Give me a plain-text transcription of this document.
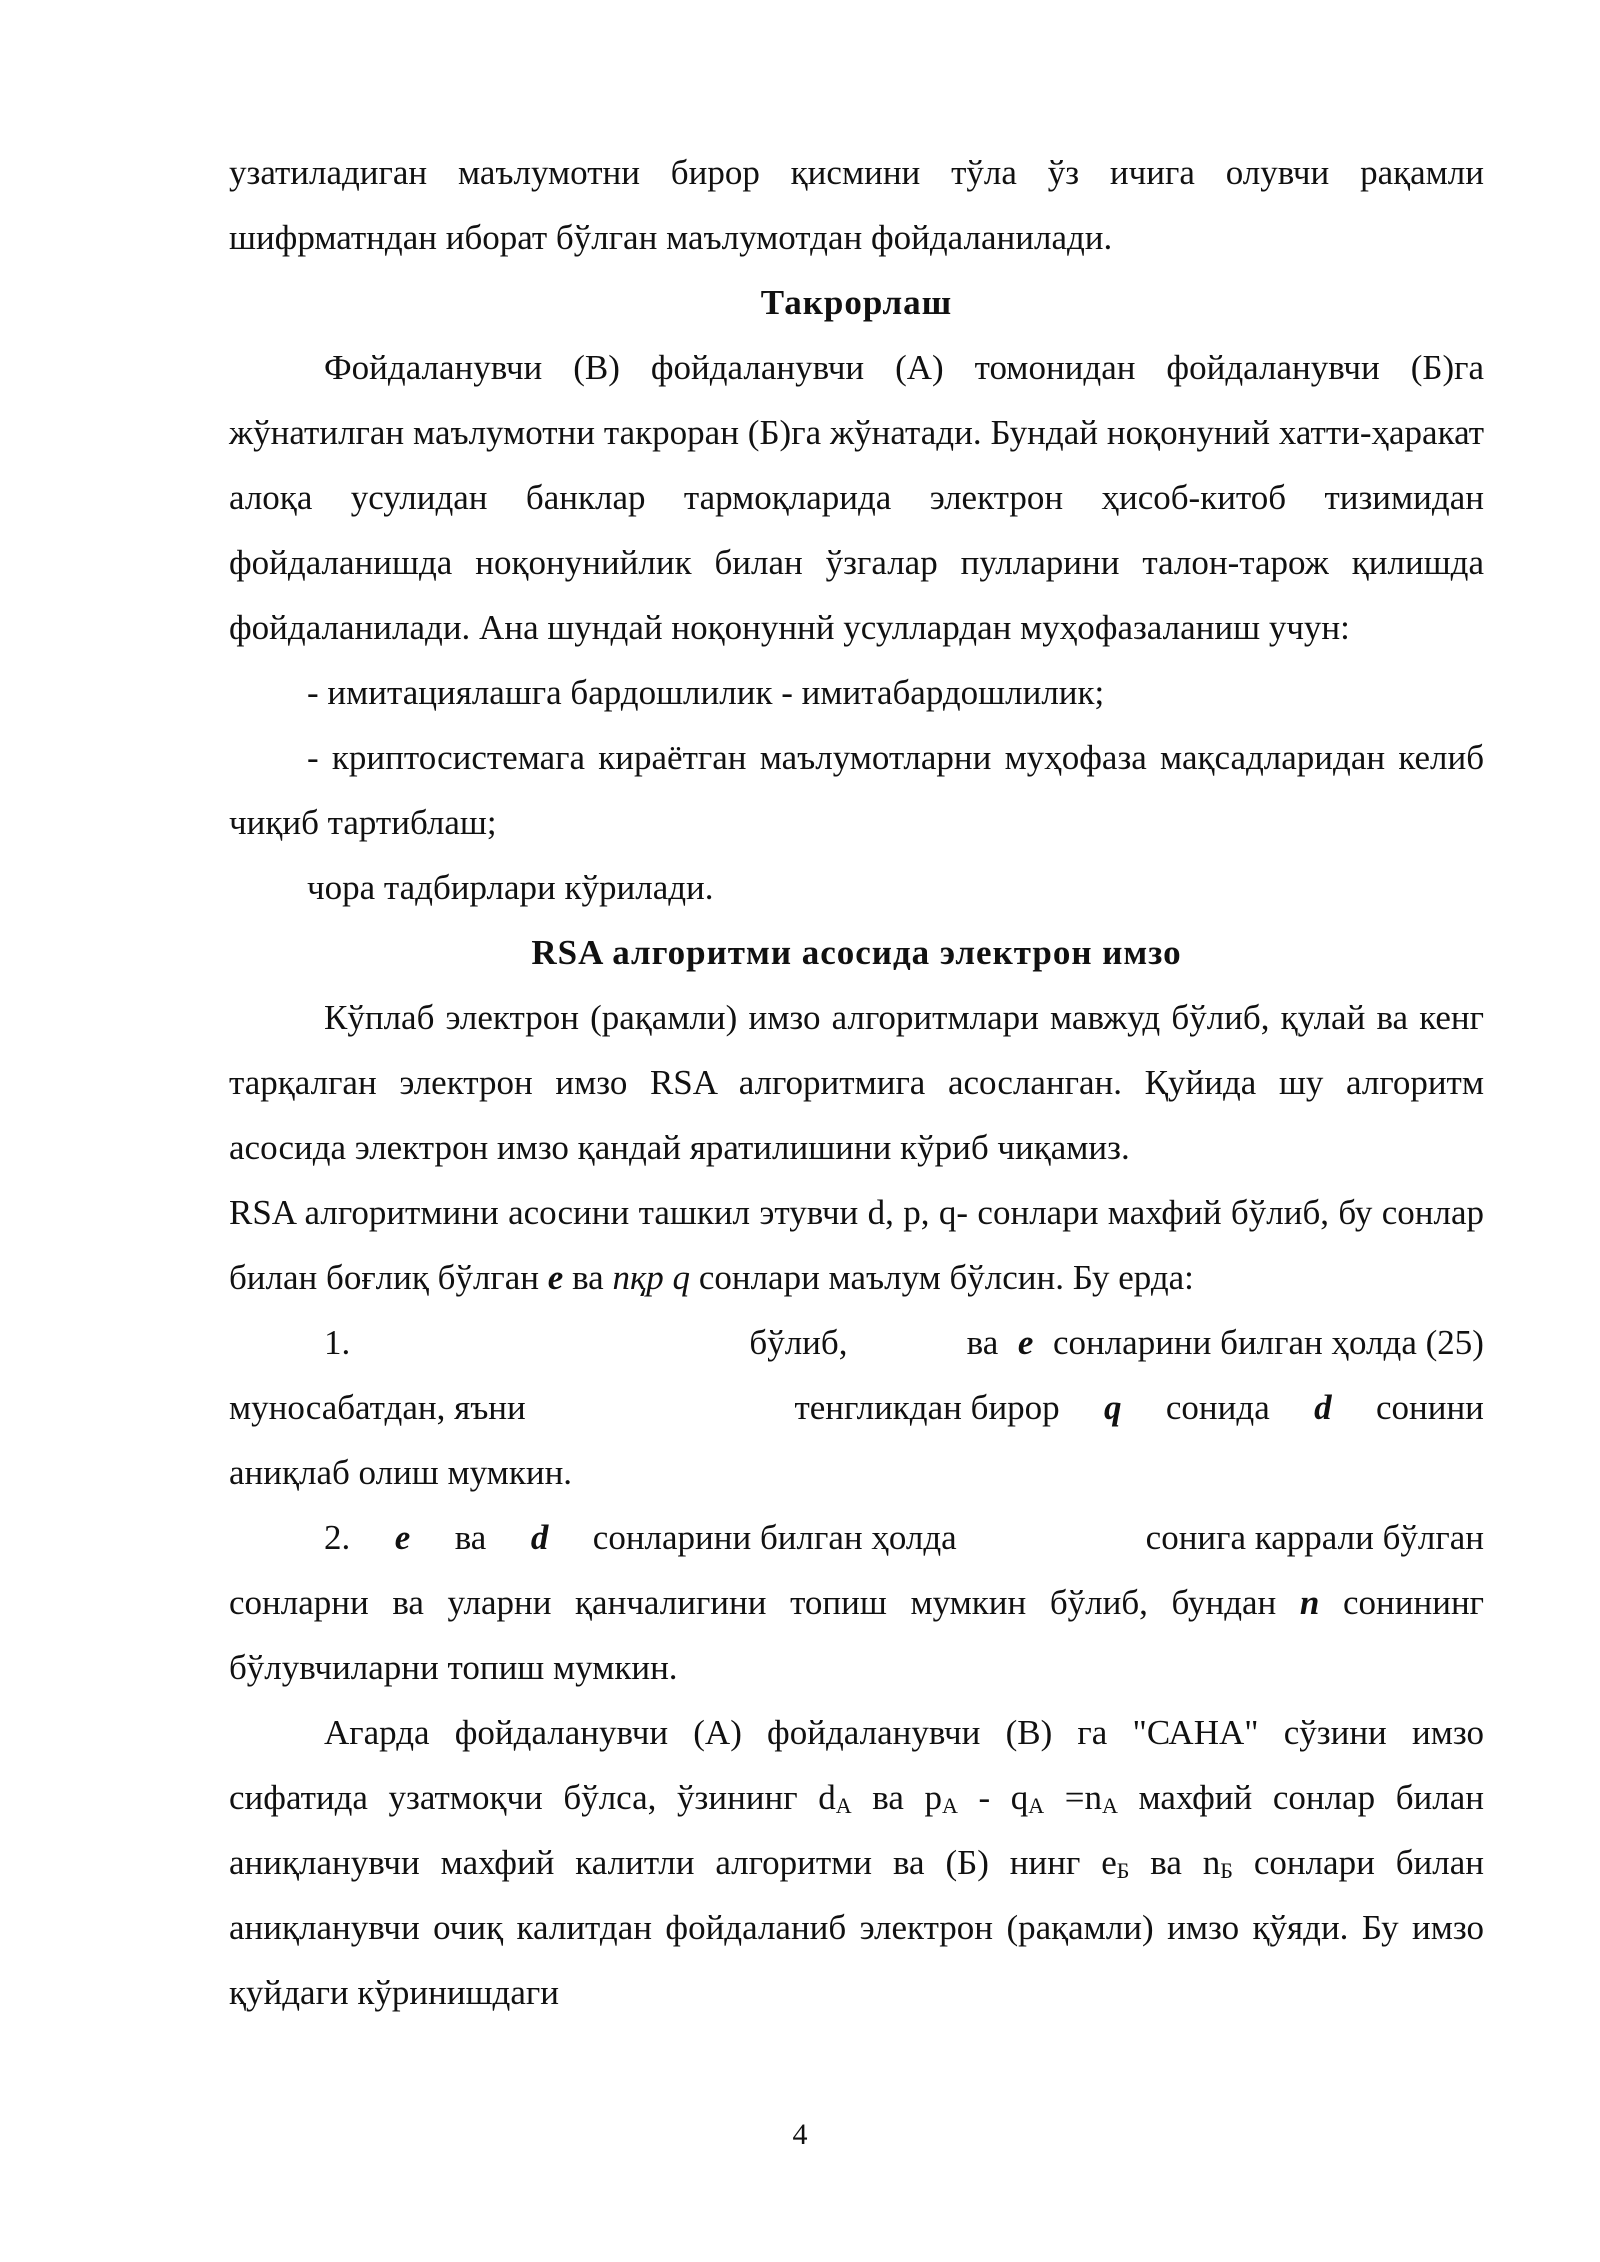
узатиладиган маълумотни бирор қисмини тўла ўз ичига олувчи рақамли шифрматндан иборат бўлган маълумотдан фойдаланилади.

Такрорлаш

Фойдаланувчи (В) фойдаланувчи (А) томонидан фойдаланувчи (Б)га жўнатилган маълумотни такроран (Б)га жўнатади. Бундай ноқонуний хатти-ҳаракат алоқа усулидан банклар тармоқларида электрон ҳисоб-китоб тизимидан фойдаланишда ноқонунийлик билан ўзгалар пулларини талон-тарож қилишда фойдаланилади. Ана шундай ноқонуннй усуллардан муҳофазаланиш учун:

- имитациялашга бардошлилик - имитабардошлилик;

- криптосистемага кираётган маълумотларни муҳофаза мақсадларидан келиб чиқиб тартиблаш;

чора тадбирлари кўрилади.

RSA алгоритми асосида электрон имзо

Кўплаб электрон (рақамли) имзо алгоритмлари мавжуд бўлиб, қулай ва кенг тарқалган электрон имзо RSA алгоритмига асосланган. Қуйида шу алгоритм асосида электрон имзо қандай яратилишини кўриб чиқамиз.

RSA алгоритмини асосини ташкил этувчи d, p, q- сонлари махфий бўлиб, бу сонлар билан боғлиқ бўлган е ва пқр q сонлари маълум бўлсин. Бу ерда:

1.	бўлиб,	ва е сонларини билган ҳолда (25)
муносабатдан, яъни	тенгликдан бирор q сонида d сонини

аниқлаб олиш мумкин.

2. е ва d сонларини билган ҳолда	сонига каррали бўлган

сонларни ва уларни қанчалигини топиш мумкин бўлиб, бундан n сонининг бўлувчиларни топиш мумкин.

Агарда фойдаланувчи (А) фойдаланувчи (В) га "САНА" сўзини имзо сифатида узатмоқчи бўлса, ўзининг $d_А$ ва $p_А - q_А =n_А$ махфий сонлар билан аниқланувчи махфий калитли алгоритми ва (Б) нинг $e_Б$ ва $n_Б$ сонлари билан аниқланувчи очиқ калитдан фойдаланиб электрон (рақамли) имзо қўяди. Бу имзо қуйдаги кўринишдаги

4
